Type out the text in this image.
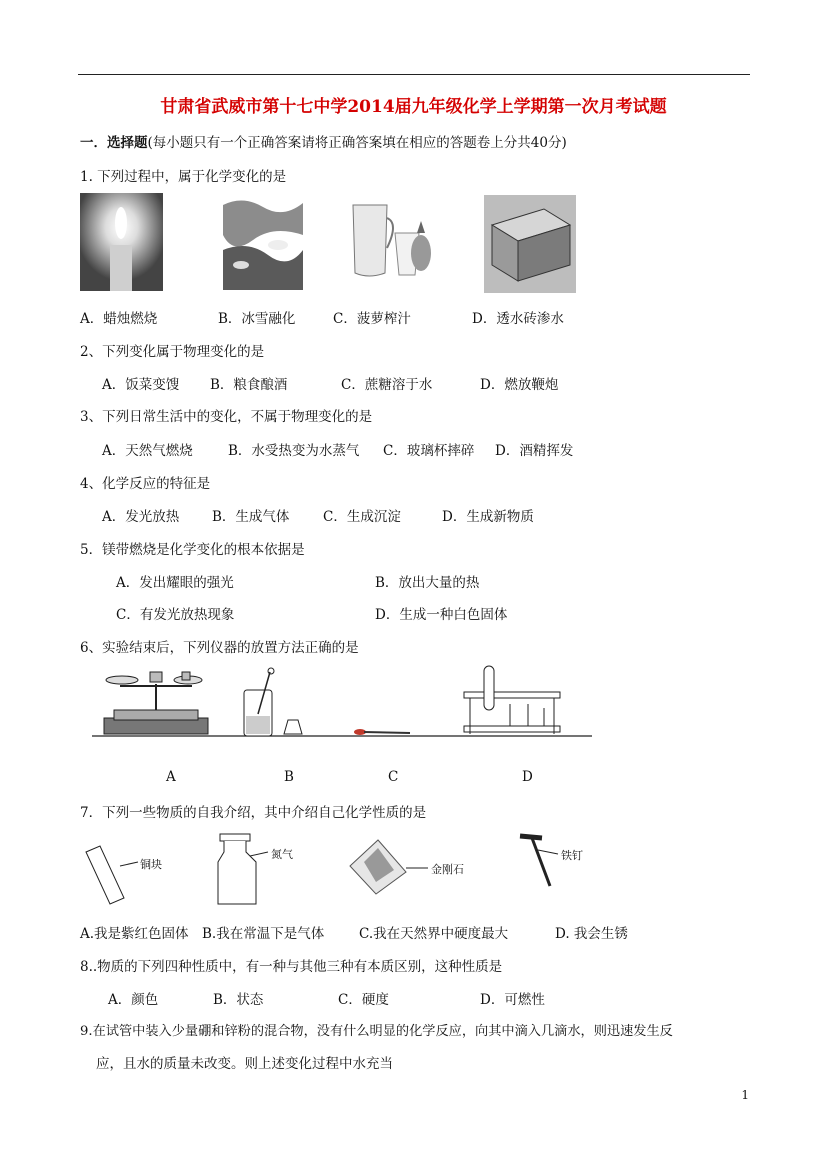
甘肃省武威市第十七中学2014届九年级化学上学期第一次月考试题
一．选择题(每小题只有一个正确答案请将正确答案填在相应的答题卷上分共40分)
1. 下列过程中，属于化学变化的是
A．蜡烛燃烧	B．冰雪融化	C．菠萝榨汁	D．透水砖渗水
2、下列变化属于物理变化的是
A．饭菜变馊 B．粮食酿酒	C．蔗糖溶于水	D．燃放鞭炮
3、下列日常生活中的变化，不属于物理变化的是
A．天然气燃烧	B．水受热变为水蒸气 C．玻璃杯摔碎 D．酒精挥发
4、化学反应的特征是
A．发光放热 B．生成气体 C．生成沉淀	D．生成新物质
5．镁带燃烧是化学变化的根本依据是
A．发出耀眼的强光	B．放出大量的热
C．有发光放热现象	D．生成一种白色固体
6、实验结束后，下列仪器的放置方法正确的是
A	B	C	D
7．下列一些物质的自我介绍，其中介绍自己化学性质的是
铜块
氮气
金刚石
铁钉
A.我是紫红色固体 B.我在常温下是气体	C.我在天然界中硬度最大	D. 我会生锈
8..物质的下列四种性质中，有一种与其他三种有本质区别，这种性质是
A．颜色	B．状态	C．硬度	D．可燃性
9.在试管中装入少量硼和锌粉的混合物，没有什么明显的化学反应，向其中滴入几滴水，则迅速发生反
应，且水的质量未改变。则上述变化过程中水充当
1
